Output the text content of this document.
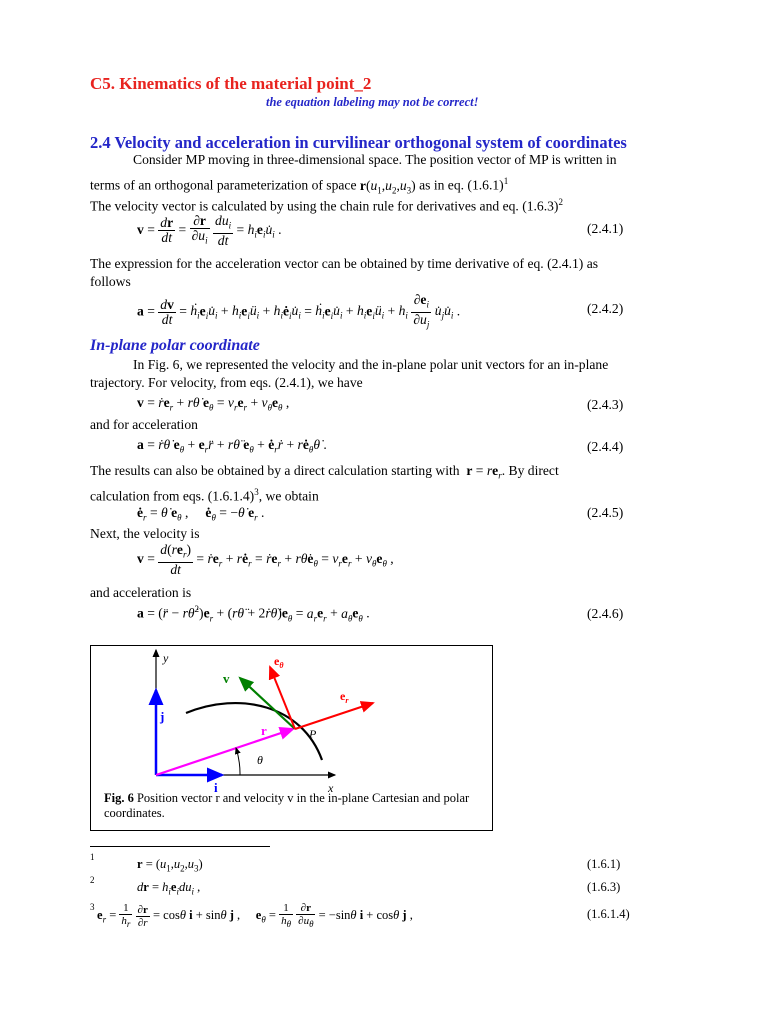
C5. Kinematics of the material point_2
the equation labeling may not be correct!
2.4 Velocity and acceleration in curvilinear orthogonal system of coordinates
Consider MP moving in three-dimensional space. The position vector of MP is written in
terms of an orthogonal parameterization of space $r(u_1,u_2,u_3)$ as in eq. $(1.6.1)^1$
The velocity vector is calculated by using the chain rule for derivatives and eq. $(1.6.3)^2$
$v = \frac{dr}{dt} = \frac{\partial r}{\partial u_i}$
$\frac{du_i}{dt}$ = $h_ie_iu̇_i$ .	(2.4.1)
The expression for the acceleration vector can be obtained by time derivative of eq. (2.4.1) as
follows
$a = \frac{dv}{dt}$ = $ḣ_ie_iu̇_i$ + $h_ie_iü_i$ + $h_iė_iu̇_i$ = $ḣ_ie_iu̇_i$ + $h_ie_iü_i + h_i \frac{\partial e_i}{\partial u_j}$ $u̇_ju̇_i$ .	(2.4.2)
In-plane polar coordinate
In Fig. 6, we represented the velocity and the in-plane polar unit vectors for an in-plane
trajectory. For velocity, from eqs. (2.4.1), we have
v = ṙe$_r$ + rθ̇ $e_\theta = v_re_r + v_\theta e_\theta$ ,	(2.4.3)
and for acceleration
a = ṙθ̇ $e_\theta$ + $e_rr̈$ + rθ̈ $e_\theta$ + $ė_rṙ$ + $rė_\theta\thetȧ$ .	(2.4.4)
The results can also be obtained by a direct calculation starting with $r = re_r$. By direct
calculation from eqs. $(1.6.1.4)^3$, we obtain
$ė_r$ = θ̇ $e_\theta$ ,     $ė_\theta$ = −θ̇ $e_r$ .	(2.4.5)
Next, the velocity is
$v = \frac{d(re_r)}{dt}$ = ṙe$_r$ + $rė_r$ = ṙe$_r$ + $r\thetȧe_\theta = v_re_r + v_\theta e_\theta$ ,
and acceleration is
a = (r̈ − $r\thetȧ^2)e_r$ + (rθ̈ + $2ṙ\thetȧ)e_\theta = a_re_r + a_\theta e_\theta$ .	(2.4.6)
y
x
j
i
r
v
P
θ
$e_\theta$
$e_r$
Fig. 6 Position vector r and velocity v in the in-plane Cartesian and polar coordinates.
1	$r = (u_1,u_2,u_3)$	(1.6.1)
2	dr = $h_ie_idu_i$ ,	(1.6.3)
3
$e_r = \frac{1}{h_r}$
$\frac{\partial r}{\partial r} = \cos\theta$ i + sinθ j ,     $e_\theta = \frac{1}{h_\theta}$
$\frac{\partial r}{\partial u_\theta} = -\sin\theta$ i + cosθ j ,	(1.6.1.4)
